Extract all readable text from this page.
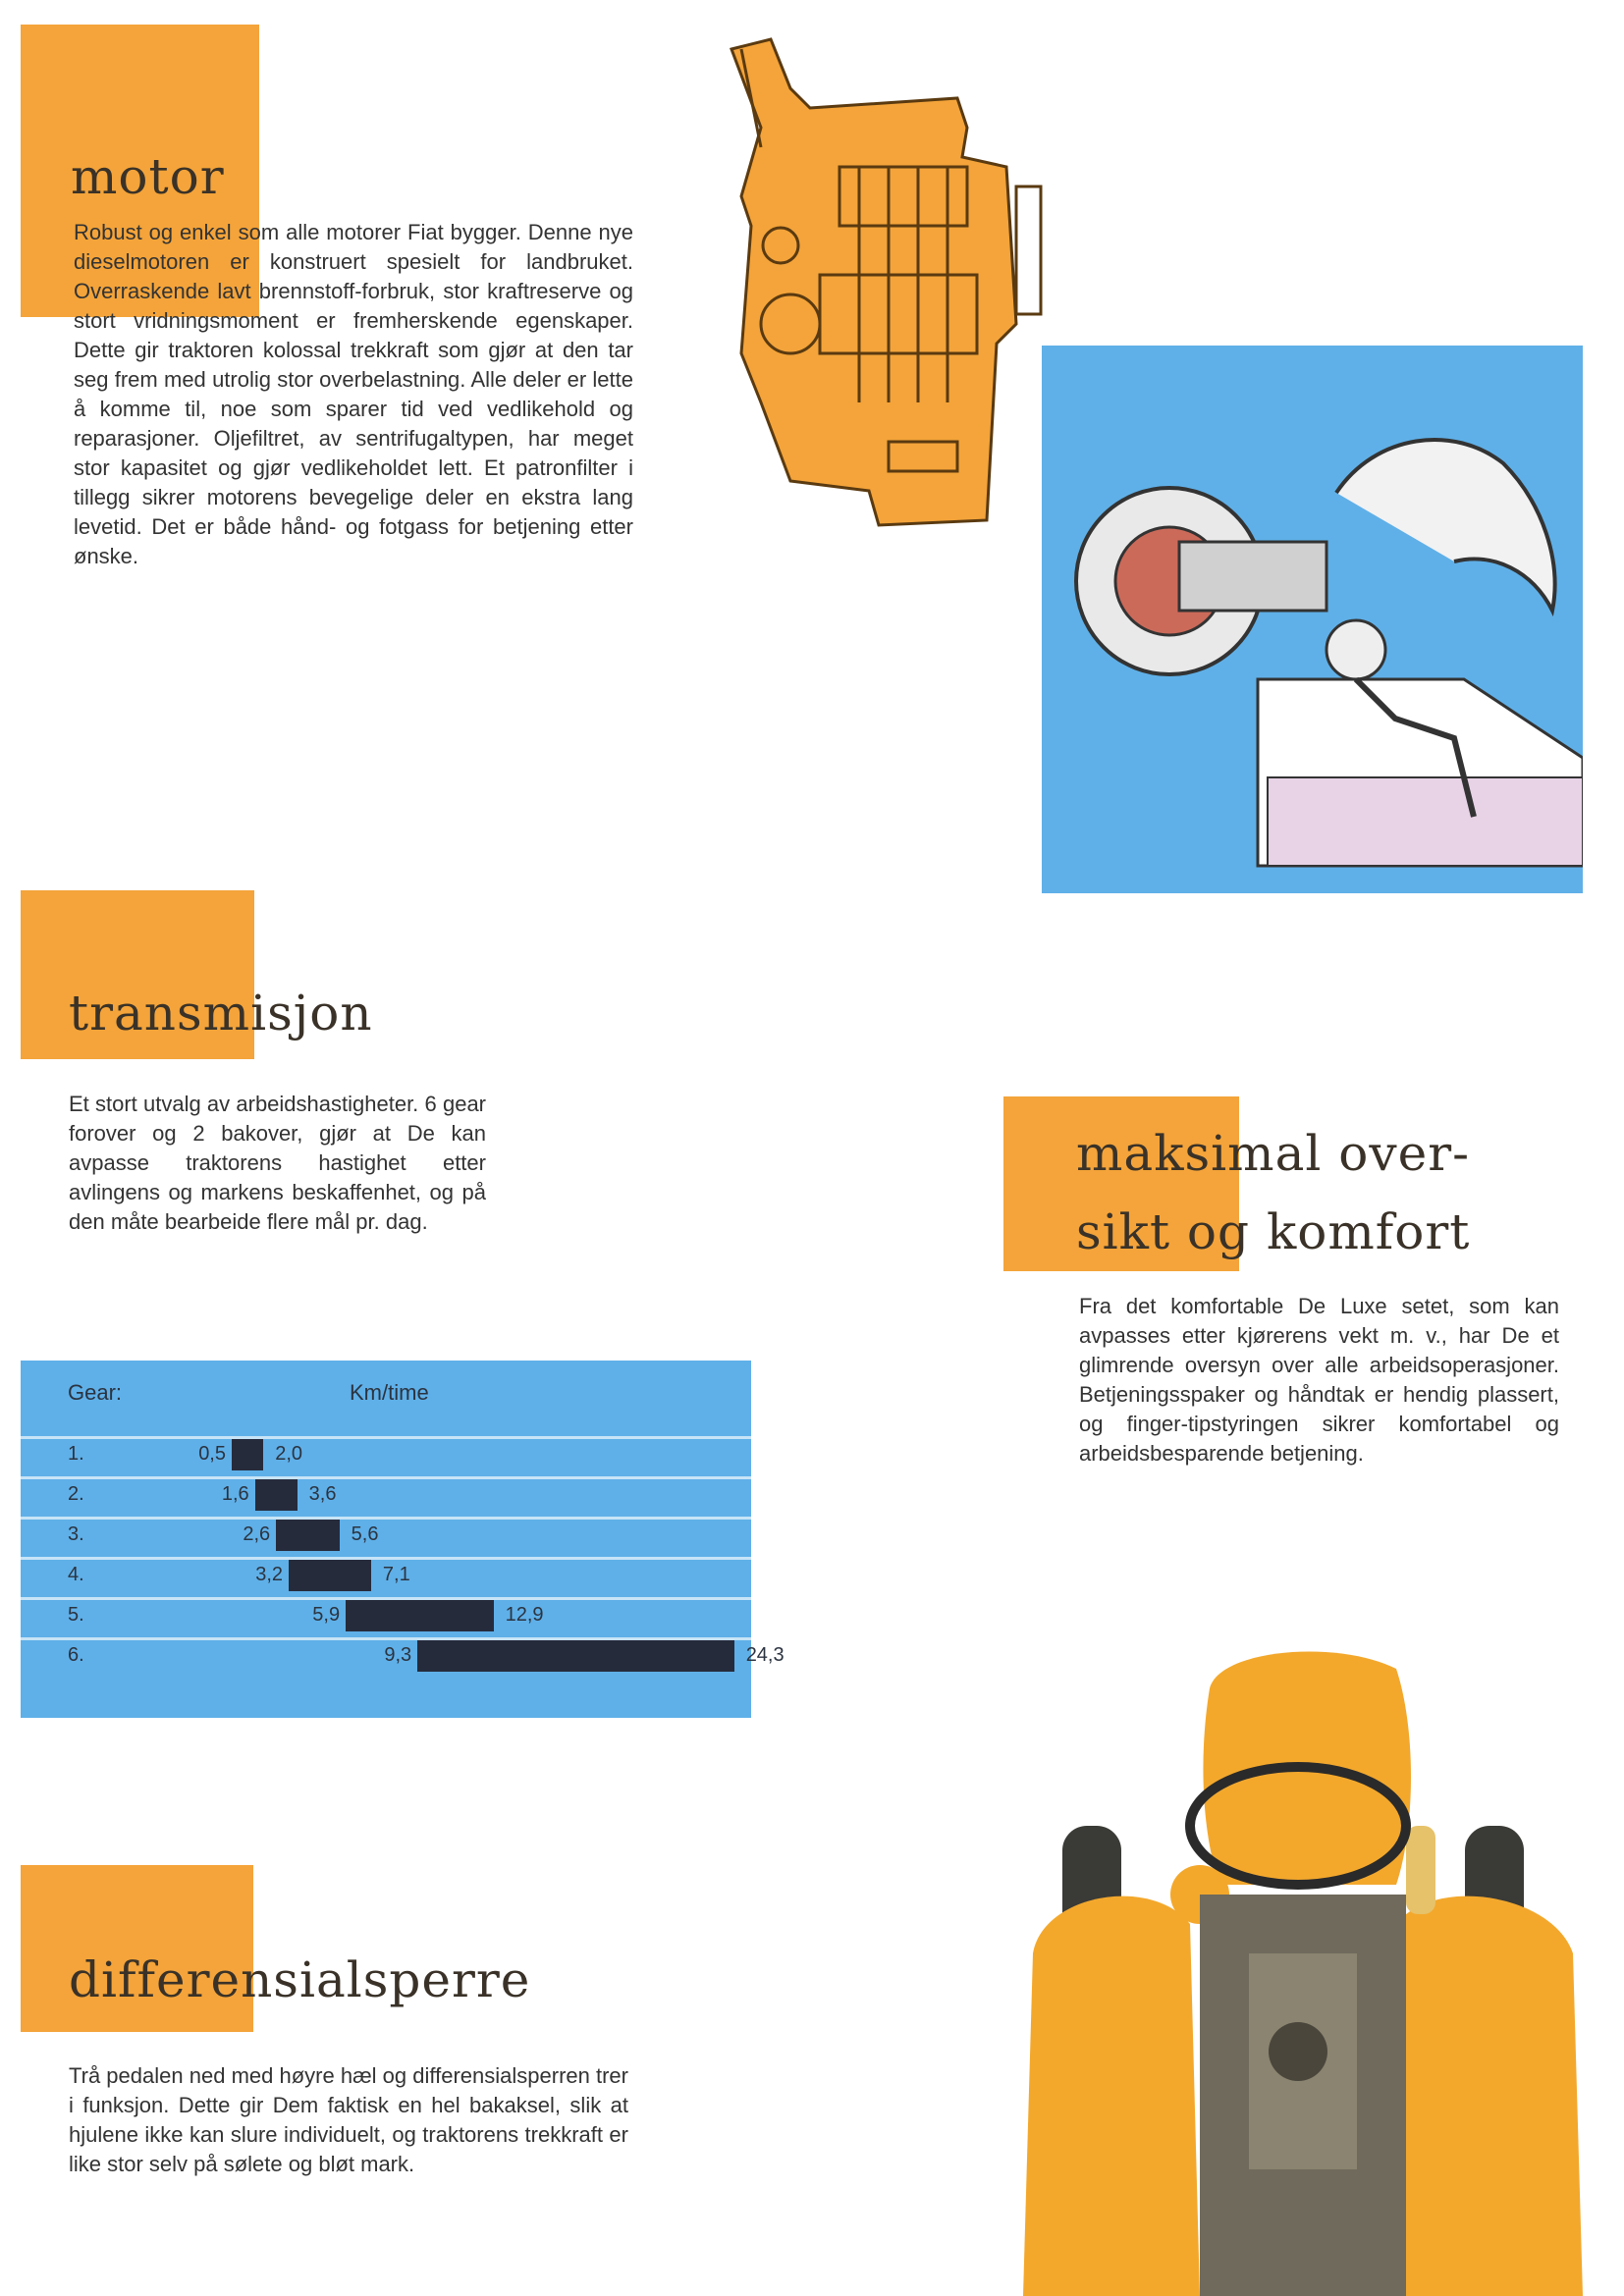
motor

Robust og enkel som alle motorer Fiat bygger. Denne nye dieselmotoren er konstruert spesielt for landbruket. Overraskende lavt brennstoff-forbruk, stor kraftreserve og stort vridningsmoment er fremherskende egenskaper. Dette gir traktoren kolossal trekkraft som gjør at den tar seg frem med utrolig stor overbelastning. Alle deler er lette å komme til, noe som sparer tid ved vedlikehold og reparasjoner. Oljefiltret, av sentrifugaltypen, har meget stor kapasitet og gjør vedlikeholdet lett. Et patronfilter i tillegg sikrer motorens bevegelige deler en ekstra lang levetid. Det er både hånd- og fotgass for betjening etter ønske.

transmisjon

Et stort utvalg av arbeidshastigheter. 6 gear forover og 2 bakover, gjør at De kan avpasse traktorens hastighet etter avlingens og markens beskaffenhet, og på den måte bearbeide flere mål pr. dag.

Gear:	Km/time
1.	0,5	2,0
2.	1,6	3,6
3.	2,6	5,6
4.	3,2	7,1
5.	5,9	12,9
6.	9,3	24,3
maksimal over-
sikt og komfort

Fra det komfortable De Luxe setet, som kan avpasses etter kjørerens vekt m. v., har De et glimrende oversyn over alle arbeidsoperasjoner. Betjeningsspaker og håndtak er hendig plassert, og finger-tipstyringen sikrer komfortabel og arbeidsbesparende betjening.

differensialsperre

Trå pedalen ned med høyre hæl og differensialsperren trer i funksjon. Dette gir Dem faktisk en hel bakaksel, slik at hjulene ikke kan slure individuelt, og traktorens trekkraft er like stor selv på sølete og bløt mark.
